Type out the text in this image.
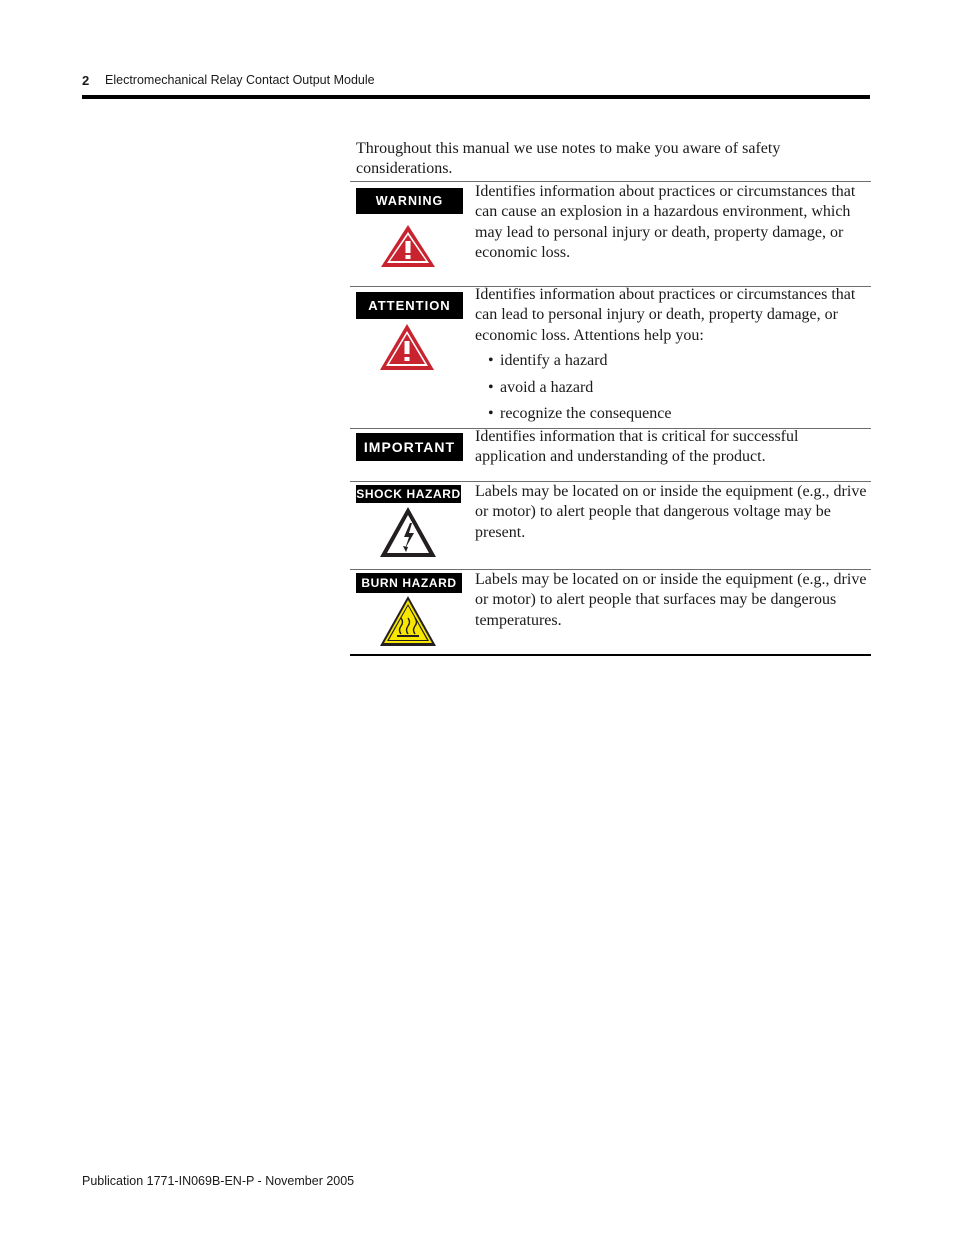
2 Electromechanical Relay Contact Output Module

Throughout this manual we use notes to make you aware of safety considerations.

WARNING
Identifies information about practices or circumstances that can cause an explosion in a hazardous environment, which may lead to personal injury or death, property damage, or economic loss.
ATTENTION
Identifies information about practices or circumstances that can lead to personal injury or death, property damage, or economic loss. Attentions help you:
• identify a hazard
• avoid a hazard
• recognize the consequence
IMPORTANT
Identifies information that is critical for successful application and understanding of the product.
SHOCK HAZARD Labels may be located on or inside the equipment (e.g., drive or motor) to alert people that dangerous voltage may be present.
BURN HAZARD	Labels may be located on or inside the equipment (e.g., drive or motor) to alert people that surfaces may be dangerous temperatures.
Publication 1771-IN069B-EN-P - November 2005
